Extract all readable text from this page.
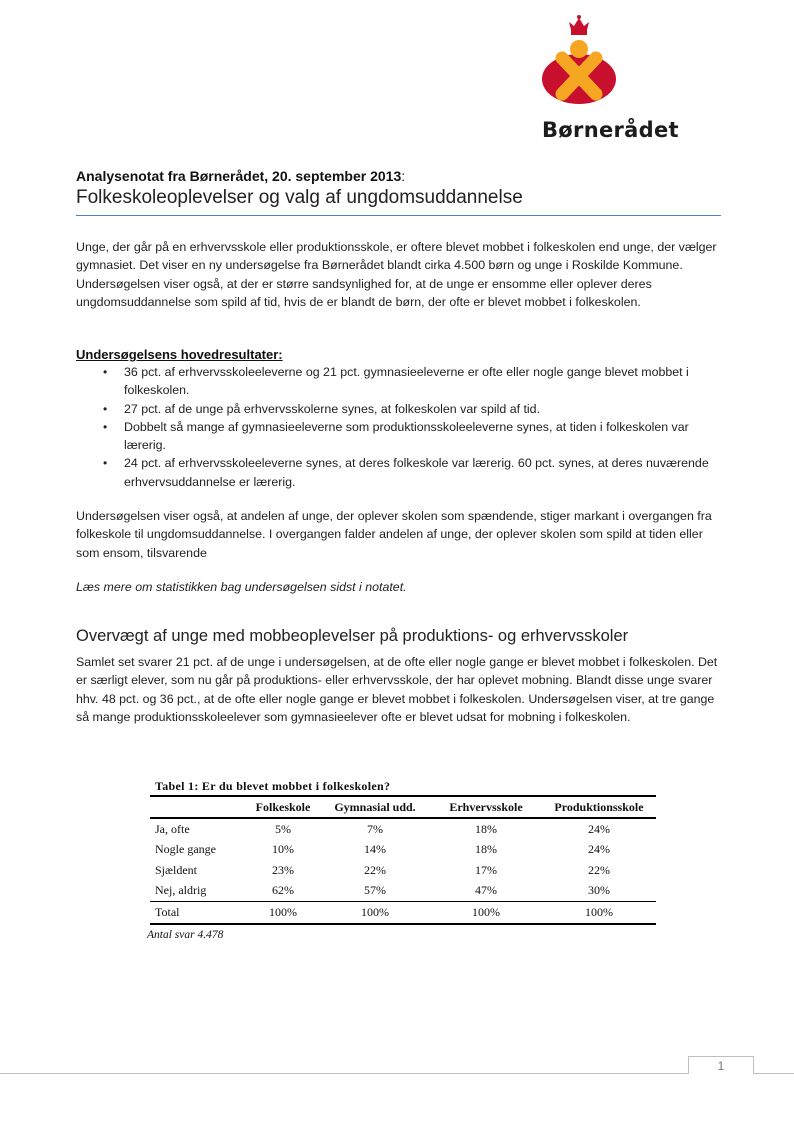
Børnerådet
Analysenotat fra Børnerådet, 20. september 2013:
Folkeskoleoplevelser og valg af ungdomsuddannelse

Unge, der går på en erhvervsskole eller produktionsskole, er oftere blevet mobbet i folkeskolen end unge, der vælger gymnasiet. Det viser en ny undersøgelse fra Børnerådet blandt cirka 4.500 børn og unge i Roskilde Kommune. Undersøgelsen viser også, at der er større sandsynlighed for, at de unge er ensomme eller oplever deres ungdomsuddannelse som spild af tid, hvis de er blandt de børn, der ofte er blevet mobbet i folkeskolen.

Undersøgelsens hovedresultater:
• 36 pct. af erhvervsskoleeleverne og 21 pct. gymnasieeleverne er ofte eller nogle gange blevet mobbet i folkeskolen.
• 27 pct. af de unge på erhvervsskolerne synes, at folkeskolen var spild af tid.
• Dobbelt så mange af gymnasieeleverne som produktionsskoleeleverne synes, at tiden i folkeskolen var lærerig.
• 24 pct. af erhvervsskoleeleverne synes, at deres folkeskole var lærerig. 60 pct. synes, at deres nuværende erhvervsuddannelse er lærerig.

Undersøgelsen viser også, at andelen af unge, der oplever skolen som spændende, stiger markant i overgangen fra folkeskole til ungdomsuddannelse. I overgangen falder andelen af unge, der oplever skolen som spild at tiden eller som ensom, tilsvarende

Læs mere om statistikken bag undersøgelsen sidst i notatet.

Overvægt af unge med mobbeoplevelser på produktions- og erhvervsskoler

Samlet set svarer 21 pct. af de unge i undersøgelsen, at de ofte eller nogle gange er blevet mobbet i folkeskolen. Det er særligt elever, som nu går på produktions- eller erhvervsskole, der har oplevet mobning. Blandt disse unge svarer hhv. 48 pct. og 36 pct., at de ofte eller nogle gange er blevet mobbet i folkeskolen. Undersøgelsen viser, at tre gange så mange produktionsskoleelever som gymnasieelever ofte er blevet udsat for mobning i folkeskolen.

Tabel 1: Er du blevet mobbet i folkeskolen?
	Folkeskole	Gymnasial udd.	Erhvervsskole	Produktionsskole
Ja, ofte	5%	7%	18%	24%
Nogle gange	10%	14%	18%	24%
Sjældent	23%	22%	17%	22%
Nej, aldrig	62%	57%	47%	30%
Total	100%	100%	100%	100%
Antal svar 4.478
1
